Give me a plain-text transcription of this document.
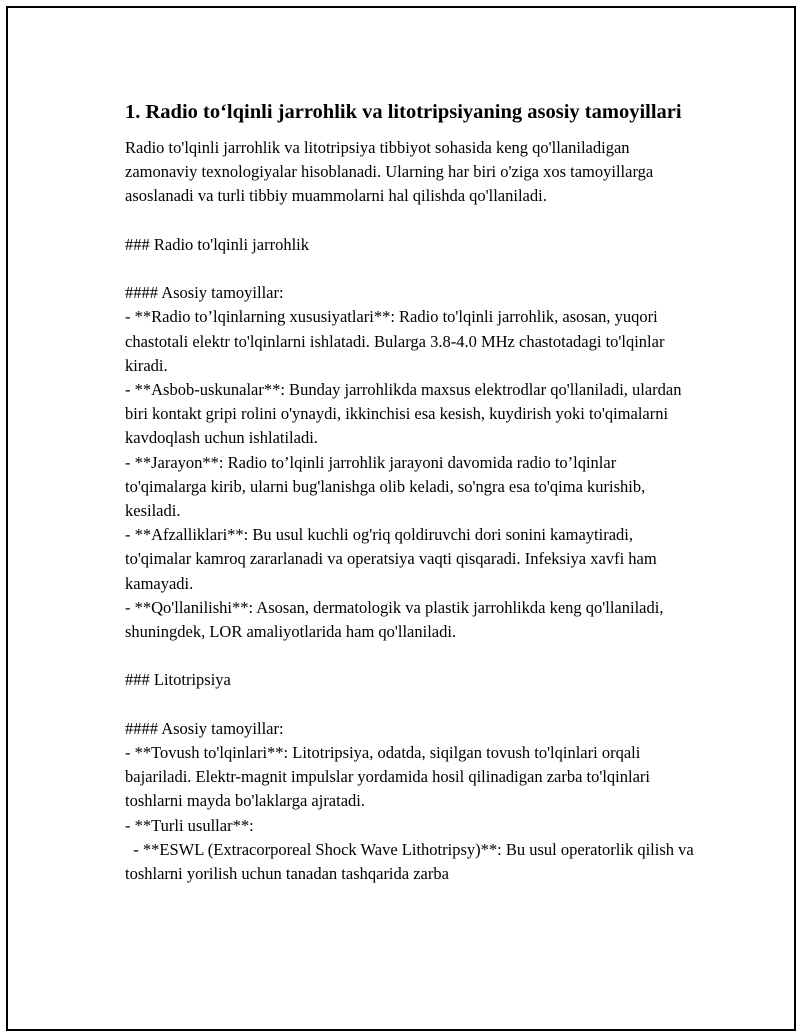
1. Radio to‘lqinli jarrohlik va litotripsiyaning asosiy tamoyillari

Radio to'lqinli jarrohlik va litotripsiya tibbiyot sohasida keng qo'llaniladigan zamonaviy texnologiyalar hisoblanadi. Ularning har biri o'ziga xos tamoyillarga asoslanadi va turli tibbiy muammolarni hal qilishda qo'llaniladi.

### Radio to'lqinli jarrohlik

#### Asosiy tamoyillar:
- **Radio to’lqinlarning xususiyatlari**: Radio to'lqinli jarrohlik, asosan, yuqori chastotali elektr to'lqinlarni ishlatadi. Bularga 3.8-4.0 MHz chastotadagi to'lqinlar kiradi.
- **Asbob-uskunalar**: Bunday jarrohlikda maxsus elektrodlar qo'llaniladi, ulardan biri kontakt gripi rolini o'ynaydi, ikkinchisi esa kesish, kuydirish yoki to'qimalarni kavdoqlash uchun ishlatiladi.
- **Jarayon**: Radio to’lqinli jarrohlik jarayoni davomida radio to’lqinlar to'qimalarga kirib, ularni bug'lanishga olib keladi, so'ngra esa to'qima kurishib, kesiladi.
- **Afzalliklari**: Bu usul kuchli og'riq qoldiruvchi dori sonini kamaytiradi, to'qimalar kamroq zararlanadi va operatsiya vaqti qisqaradi. Infeksiya xavfi ham kamayadi.
- **Qo'llanilishi**: Asosan, dermatologik va plastik jarrohlikda keng qo'llaniladi, shuningdek, LOR amaliyotlarida ham qo'llaniladi.

### Litotripsiya

#### Asosiy tamoyillar:
- **Tovush to'lqinlari**: Litotripsiya, odatda, siqilgan tovush to'lqinlari orqali bajariladi. Elektr-magnit impulslar yordamida hosil qilinadigan zarba to'lqinlari toshlarni mayda bo'laklarga ajratadi.
- **Turli usullar**:
- **ESWL (Extracorporeal Shock Wave Lithotripsy)**: Bu usul operatorlik qilish va toshlarni yorilish uchun tanadan tashqarida zarba
